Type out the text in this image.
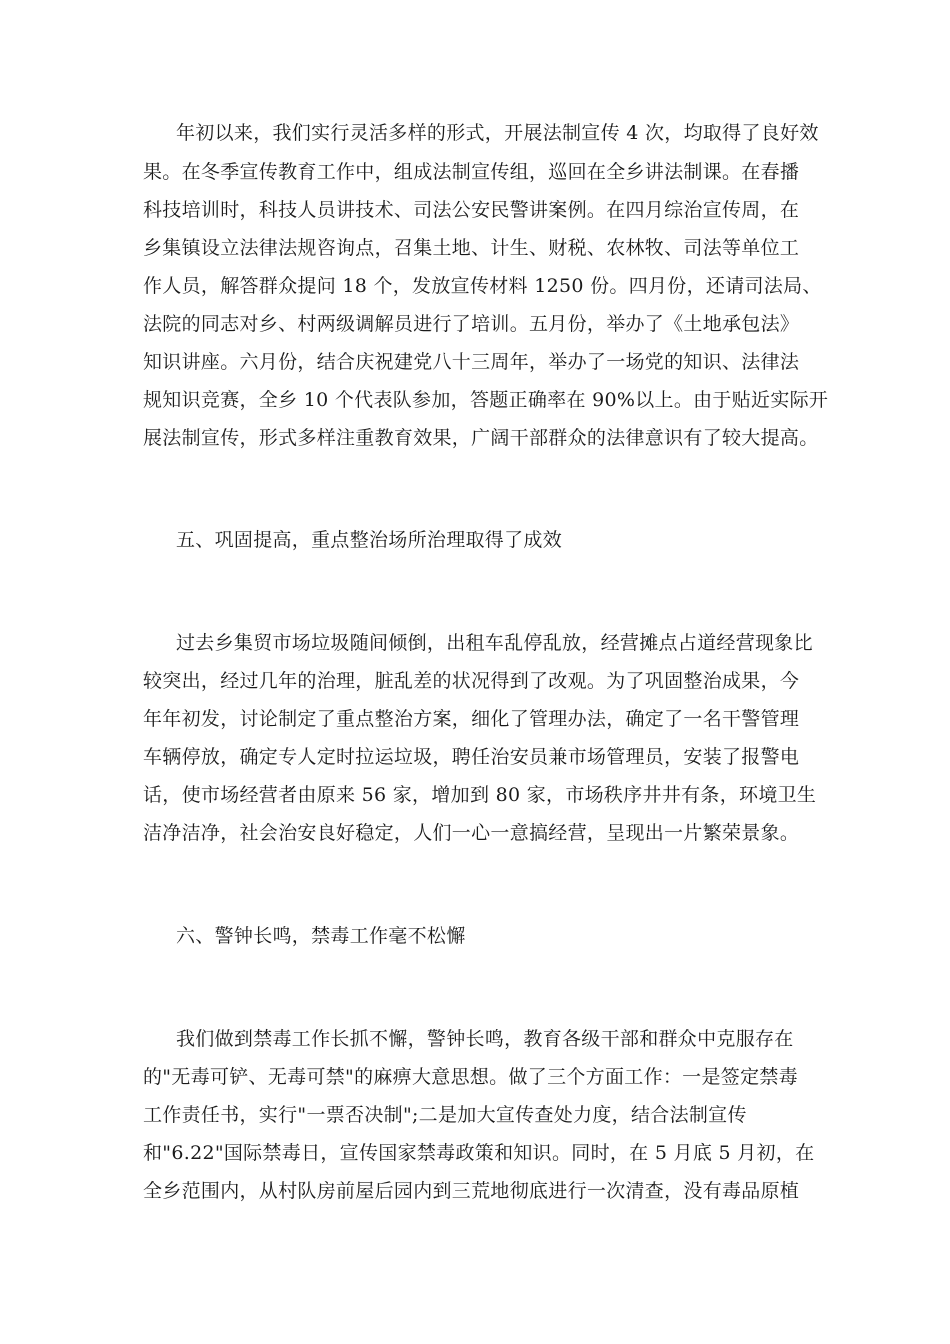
年初以来，我们实行灵活多样的形式，开展法制宣传 4 次，均取得了良好效
果。在冬季宣传教育工作中，组成法制宣传组，巡回在全乡讲法制课。在春播
科技培训时，科技人员讲技术、司法公安民警讲案例。在四月综治宣传周，在
乡集镇设立法律法规咨询点，召集土地、计生、财税、农林牧、司法等单位工
作人员，解答群众提问 18 个，发放宣传材料 1250 份。四月份，还请司法局、
法院的同志对乡、村两级调解员进行了培训。五月份，举办了《土地承包法》
知识讲座。六月份，结合庆祝建党八十三周年，举办了一场党的知识、法律法
规知识竞赛，全乡 10 个代表队参加，答题正确率在 90%以上。由于贴近实际开
展法制宣传，形式多样注重教育效果，广阔干部群众的法律意识有了较大提高。
五、巩固提高，重点整治场所治理取得了成效
过去乡集贸市场垃圾随间倾倒，出租车乱停乱放，经营摊点占道经营现象比
较突出，经过几年的治理，脏乱差的状况得到了改观。为了巩固整治成果，今
年年初发，讨论制定了重点整治方案，细化了管理办法，确定了一名干警管理
车辆停放，确定专人定时拉运垃圾，聘任治安员兼市场管理员，安装了报警电
话，使市场经营者由原来 56 家，增加到 80 家，市场秩序井井有条，环境卫生
洁净洁净，社会治安良好稳定，人们一心一意搞经营，呈现出一片繁荣景象。
六、警钟长鸣，禁毒工作毫不松懈
我们做到禁毒工作长抓不懈，警钟长鸣，教育各级干部和群众中克服存在
的"无毒可铲、无毒可禁"的麻痹大意思想。做了三个方面工作：一是签定禁毒
工作责任书，实行"一票否决制";二是加大宣传查处力度，结合法制宣传
和"6.22"国际禁毒日，宣传国家禁毒政策和知识。同时，在 5 月底 5 月初，在
全乡范围内，从村队房前屋后园内到三荒地彻底进行一次清查，没有毒品原植
